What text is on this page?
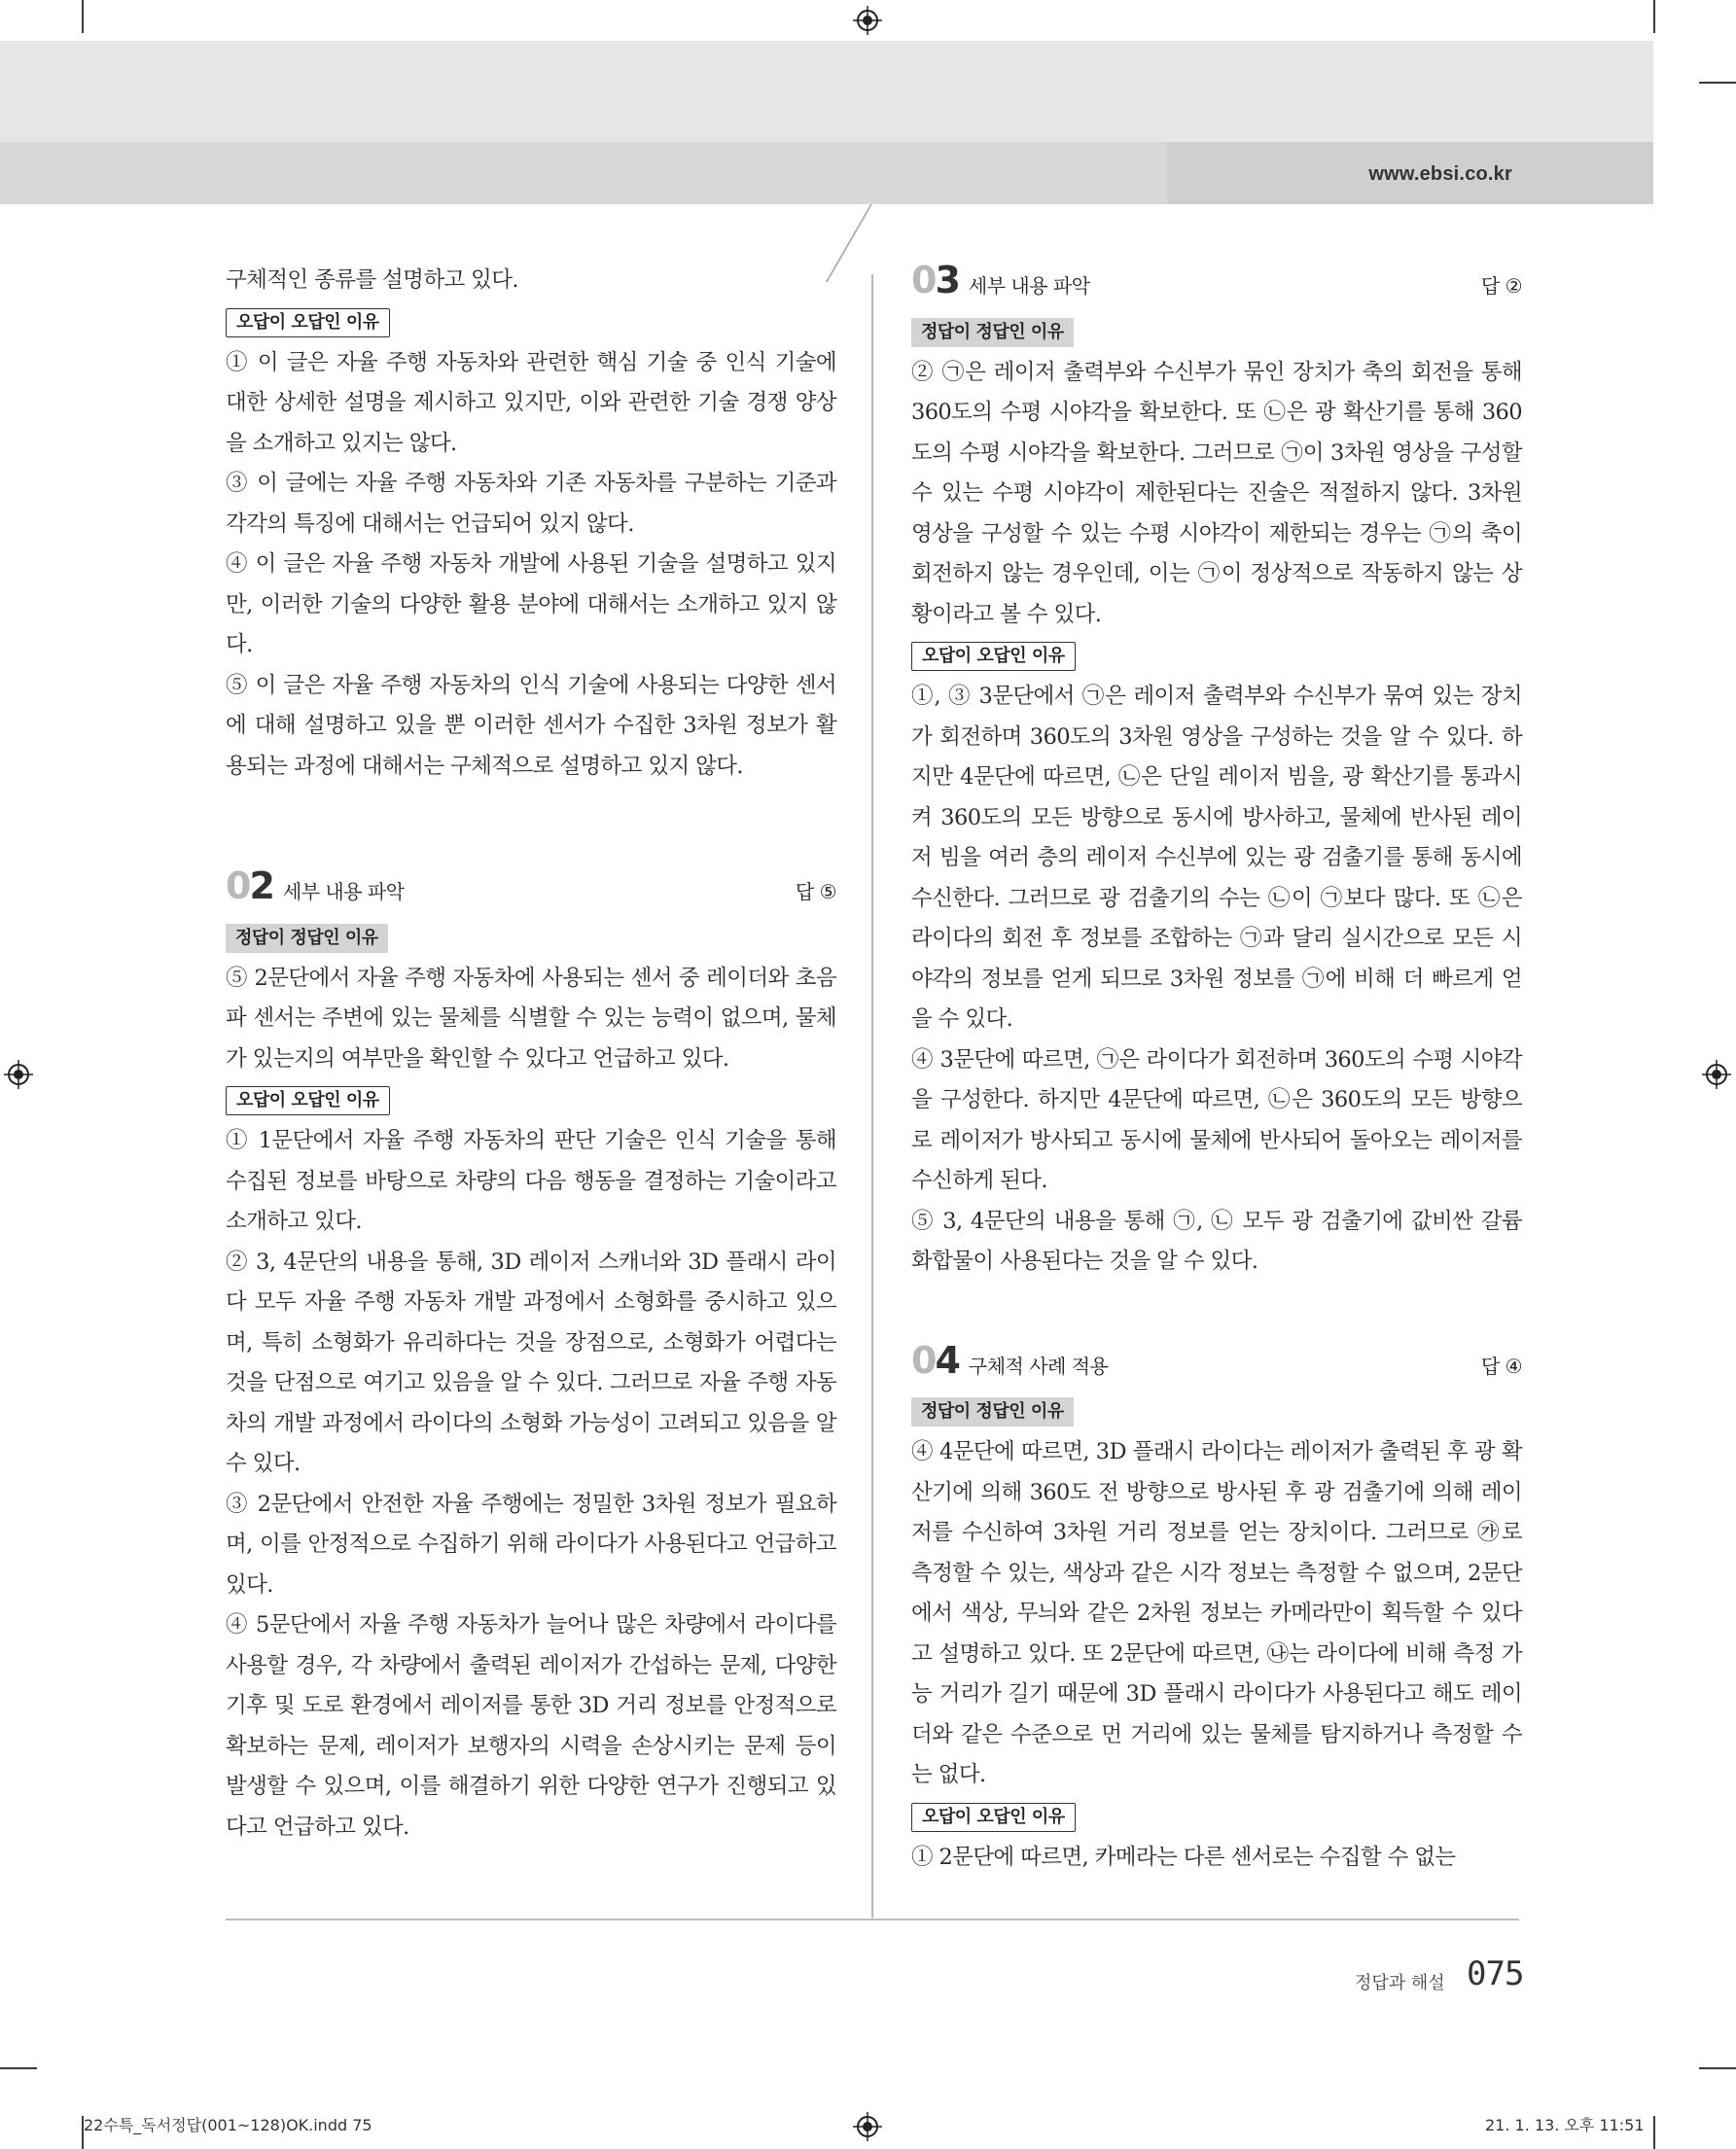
www.ebsi.co.kr

구체적인 종류를 설명하고 있다.

오답이 오답인 이유

① 이 글은 자율 주행 자동차와 관련한 핵심 기술 중 인식 기술에 대한 상세한 설명을 제시하고 있지만, 이와 관련한 기술 경쟁 양상을 소개하고 있지는 않다.

③ 이 글에는 자율 주행 자동차와 기존 자동차를 구분하는 기준과 각각의 특징에 대해서는 언급되어 있지 않다.

④ 이 글은 자율 주행 자동차 개발에 사용된 기술을 설명하고 있지만, 이러한 기술의 다양한 활용 분야에 대해서는 소개하고 있지 않다.

⑤ 이 글은 자율 주행 자동차의 인식 기술에 사용되는 다양한 센서에 대해 설명하고 있을 뿐 이러한 센서가 수집한 3차원 정보가 활용되는 과정에 대해서는 구체적으로 설명하고 있지 않다.

02 세부 내용 파악	답 ⑤
정답이 정답인 이유

⑤ 2문단에서 자율 주행 자동차에 사용되는 센서 중 레이더와 초음파 센서는 주변에 있는 물체를 식별할 수 있는 능력이 없으며, 물체가 있는지의 여부만을 확인할 수 있다고 언급하고 있다.

오답이 오답인 이유

① 1문단에서 자율 주행 자동차의 판단 기술은 인식 기술을 통해 수집된 정보를 바탕으로 차량의 다음 행동을 결정하는 기술이라고 소개하고 있다.

② 3, 4문단의 내용을 통해, 3D 레이저 스캐너와 3D 플래시 라이다 모두 자율 주행 자동차 개발 과정에서 소형화를 중시하고 있으며, 특히 소형화가 유리하다는 것을 장점으로, 소형화가 어렵다는 것을 단점으로 여기고 있음을 알 수 있다. 그러므로 자율 주행 자동차의 개발 과정에서 라이다의 소형화 가능성이 고려되고 있음을 알 수 있다.

③ 2문단에서 안전한 자율 주행에는 정밀한 3차원 정보가 필요하며, 이를 안정적으로 수집하기 위해 라이다가 사용된다고 언급하고 있다.

④ 5문단에서 자율 주행 자동차가 늘어나 많은 차량에서 라이다를 사용할 경우, 각 차량에서 출력된 레이저가 간섭하는 문제, 다양한 기후 및 도로 환경에서 레이저를 통한 3D 거리 정보를 안정적으로 확보하는 문제, 레이저가 보행자의 시력을 손상시키는 문제 등이 발생할 수 있으며, 이를 해결하기 위한 다양한 연구가 진행되고 있다고 언급하고 있다.

03 세부 내용 파악	답 ②
정답이 정답인 이유

② ㉠은 레이저 출력부와 수신부가 묶인 장치가 축의 회전을 통해 360도의 수평 시야각을 확보한다. 또 ㉡은 광 확산기를 통해 360도의 수평 시야각을 확보한다. 그러므로 ㉠이 3차원 영상을 구성할 수 있는 수평 시야각이 제한된다는 진술은 적절하지 않다. 3차원 영상을 구성할 수 있는 수평 시야각이 제한되는 경우는 ㉠의 축이 회전하지 않는 경우인데, 이는 ㉠이 정상적으로 작동하지 않는 상황이라고 볼 수 있다.

오답이 오답인 이유

①, ③ 3문단에서 ㉠은 레이저 출력부와 수신부가 묶여 있는 장치가 회전하며 360도의 3차원 영상을 구성하는 것을 알 수 있다. 하지만 4문단에 따르면, ㉡은 단일 레이저 빔을, 광 확산기를 통과시켜 360도의 모든 방향으로 동시에 방사하고, 물체에 반사된 레이저 빔을 여러 층의 레이저 수신부에 있는 광 검출기를 통해 동시에 수신한다. 그러므로 광 검출기의 수는 ㉡이 ㉠보다 많다. 또 ㉡은 라이다의 회전 후 정보를 조합하는 ㉠과 달리 실시간으로 모든 시야각의 정보를 얻게 되므로 3차원 정보를 ㉠에 비해 더 빠르게 얻을 수 있다.

④ 3문단에 따르면, ㉠은 라이다가 회전하며 360도의 수평 시야각을 구성한다. 하지만 4문단에 따르면, ㉡은 360도의 모든 방향으로 레이저가 방사되고 동시에 물체에 반사되어 돌아오는 레이저를 수신하게 된다.

⑤ 3, 4문단의 내용을 통해 ㉠, ㉡ 모두 광 검출기에 값비싼 갈륨 화합물이 사용된다는 것을 알 수 있다.

04 구체적 사례 적용	답 ④
정답이 정답인 이유

④ 4문단에 따르면, 3D 플래시 라이다는 레이저가 출력된 후 광 확산기에 의해 360도 전 방향으로 방사된 후 광 검출기에 의해 레이저를 수신하여 3차원 거리 정보를 얻는 장치이다. 그러므로 ㉮로 측정할 수 있는, 색상과 같은 시각 정보는 측정할 수 없으며, 2문단에서 색상, 무늬와 같은 2차원 정보는 카메라만이 획득할 수 있다고 설명하고 있다. 또 2문단에 따르면, ㉯는 라이다에 비해 측정 가능 거리가 길기 때문에 3D 플래시 라이다가 사용된다고 해도 레이더와 같은 수준으로 먼 거리에 있는 물체를 탐지하거나 측정할 수는 없다.

오답이 오답인 이유

① 2문단에 따르면, 카메라는 다른 센서로는 수집할 수 없는

정답과 해설 075
22수특_독서정답(001~128)OK.indd 75	21. 1. 13. 오후 11:51
